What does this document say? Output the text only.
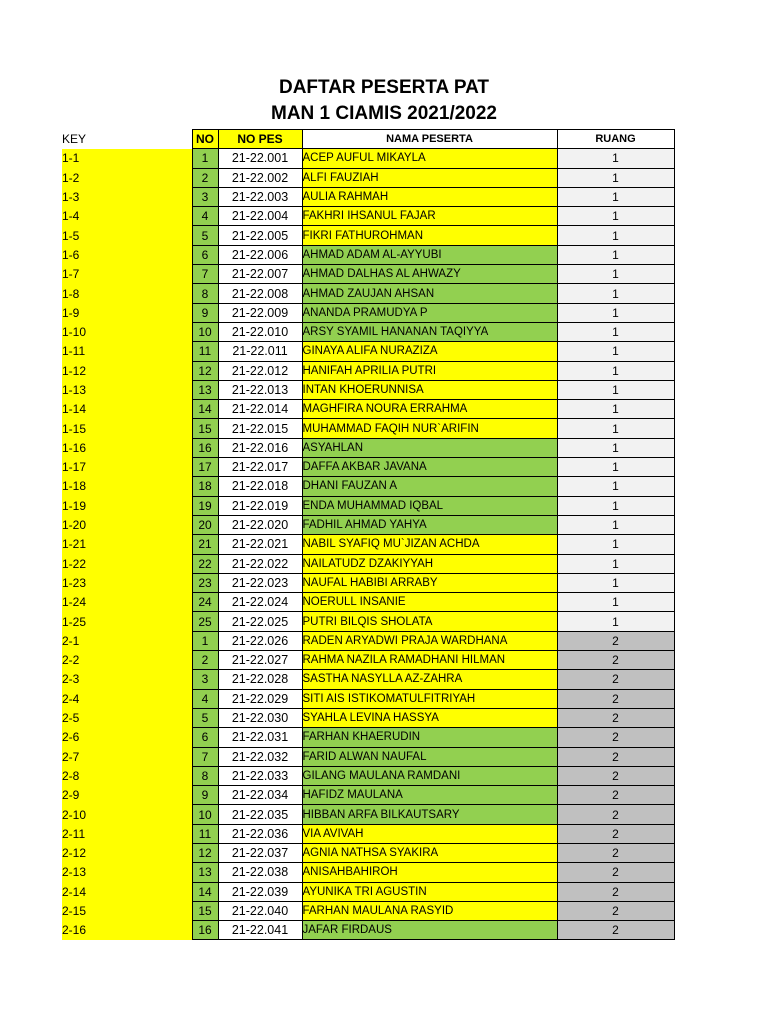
DAFTAR PESERTA PAT
MAN 1 CIAMIS 2021/2022
KEY	NO	NO PES	NAMA PESERTA	RUANG
1-1	1	21-22.001	ACEP AUFUL MIKAYLA	1
1-2	2	21-22.002	ALFI FAUZIAH	1
1-3	3	21-22.003	AULIA RAHMAH	1
1-4	4	21-22.004	FAKHRI IHSANUL FAJAR	1
1-5	5	21-22.005	FIKRI FATHUROHMAN	1
1-6	6	21-22.006	AHMAD ADAM AL-AYYUBI	1
1-7	7	21-22.007	AHMAD DALHAS AL AHWAZY	1
1-8	8	21-22.008	AHMAD ZAUJAN AHSAN	1
1-9	9	21-22.009	ANANDA PRAMUDYA P	1
1-10	10	21-22.010	ARSY SYAMIL HANANAN TAQIYYA	1
1-11	11	21-22.011	GINAYA ALIFA NURAZIZA	1
1-12	12	21-22.012	HANIFAH APRILIA PUTRI	1
1-13	13	21-22.013	INTAN KHOERUNNISA	1
1-14	14	21-22.014	MAGHFIRA NOURA ERRAHMA	1
1-15	15	21-22.015	MUHAMMAD FAQIH NUR`ARIFIN	1
1-16	16	21-22.016	ASYAHLAN	1
1-17	17	21-22.017	DAFFA AKBAR JAVANA	1
1-18	18	21-22.018	DHANI FAUZAN A	1
1-19	19	21-22.019	ENDA MUHAMMAD IQBAL	1
1-20	20	21-22.020	FADHIL AHMAD YAHYA	1
1-21	21	21-22.021	NABIL SYAFIQ MU`JIZAN ACHDA	1
1-22	22	21-22.022	NAILATUDZ DZAKIYYAH	1
1-23	23	21-22.023	NAUFAL HABIBI ARRABY	1
1-24	24	21-22.024	NOERULL INSANIE	1
1-25	25	21-22.025	PUTRI BILQIS SHOLATA	1
2-1	1	21-22.026	RADEN ARYADWI PRAJA WARDHANA	2
2-2	2	21-22.027	RAHMA NAZILA RAMADHANI HILMAN	2
2-3	3	21-22.028	SASTHA NASYLLA AZ-ZAHRA	2
2-4	4	21-22.029	SITI AIS ISTIKOMATULFITRIYAH	2
2-5	5	21-22.030	SYAHLA LEVINA HASSYA	2
2-6	6	21-22.031	FARHAN KHAERUDIN	2
2-7	7	21-22.032	FARID ALWAN NAUFAL	2
2-8	8	21-22.033	GILANG MAULANA RAMDANI	2
2-9	9	21-22.034	HAFIDZ MAULANA	2
2-10	10	21-22.035	HIBBAN ARFA BILKAUTSARY	2
2-11	11	21-22.036	VIA AVIVAH	2
2-12	12	21-22.037	AGNIA NATHSA SYAKIRA	2
2-13	13	21-22.038	ANISAHBAHIROH	2
2-14	14	21-22.039	AYUNIKA TRI AGUSTIN	2
2-15	15	21-22.040	FARHAN MAULANA RASYID	2
2-16	16	21-22.041	JAFAR FIRDAUS	2
